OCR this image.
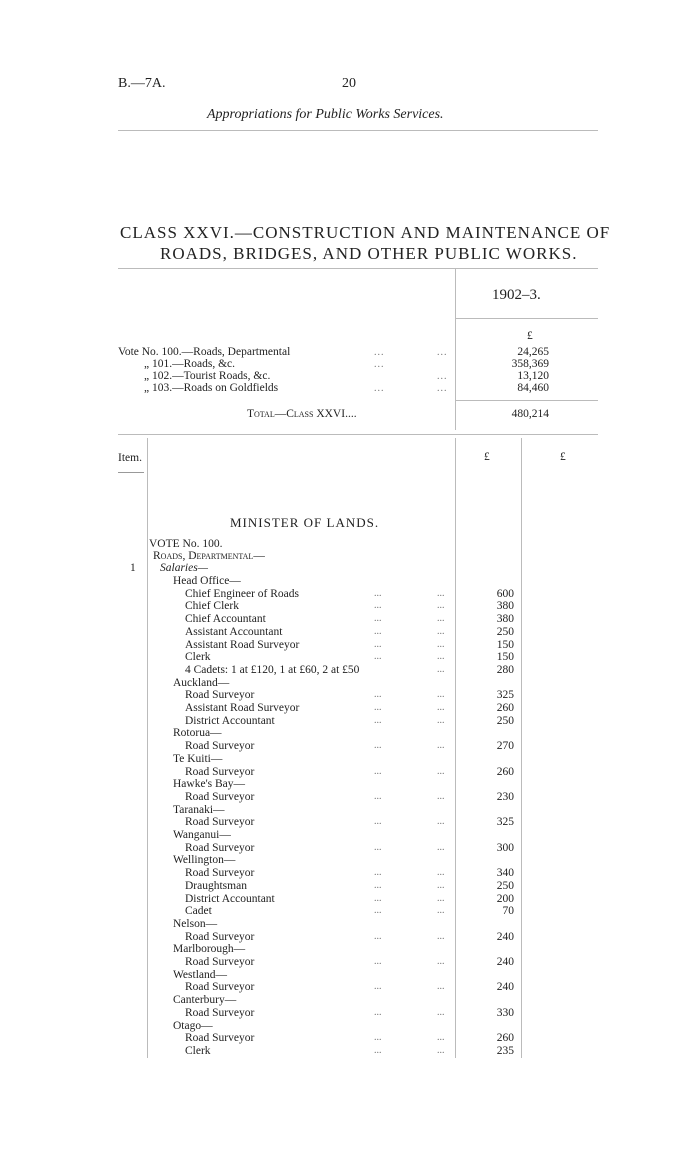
B.—7A.	20
Appropriations for Public Works Services.
CLASS XXVI.—CONSTRUCTION AND MAINTENANCE OF
ROADS, BRIDGES, AND OTHER PUBLIC WORKS.
1902–3.
£
Vote No. 100.—Roads, Departmental	...	...	24,265
„ 101.—Roads, &c.	...	358,369
„ 102.—Tourist Roads, &c.	...	13,120
„ 103.—Roads on Goldfields	...	...	84,460
Total—Class XXVI....	480,214
Item.	£	£
MINISTER OF LANDS.
VOTE No. 100.
Roads, Departmental—
1 Salaries—
Head Office—
Chief Engineer of Roads	...	...	600
Chief Clerk	...	...	380
Chief Accountant	...	...	380
Assistant Accountant	...	...	250
Assistant Road Surveyor	...	...	150
Clerk	...	...	150
4 Cadets: 1 at £120, 1 at £60, 2 at £50	...	280
Auckland—
Road Surveyor	...	...	325
Assistant Road Surveyor	...	...	260
District Accountant	...	...	250
Rotorua—
Road Surveyor	...	...	270
Te Kuiti—
Road Surveyor	...	...	260
Hawke's Bay—
Road Surveyor	...	...	230
Taranaki—
Road Surveyor	...	...	325
Wanganui—
Road Surveyor	...	...	300
Wellington—
Road Surveyor	...	...	340
Draughtsman	...	...	250
District Accountant	...	...	200
Cadet	...	...	70
Nelson—
Road Surveyor	...	...	240
Marlborough—
Road Surveyor	...	...	240
Westland—
Road Surveyor	...	...	240
Canterbury—
Road Surveyor	...	...	330
Otago—
Road Surveyor	...	...	260
Clerk	...	...	235
